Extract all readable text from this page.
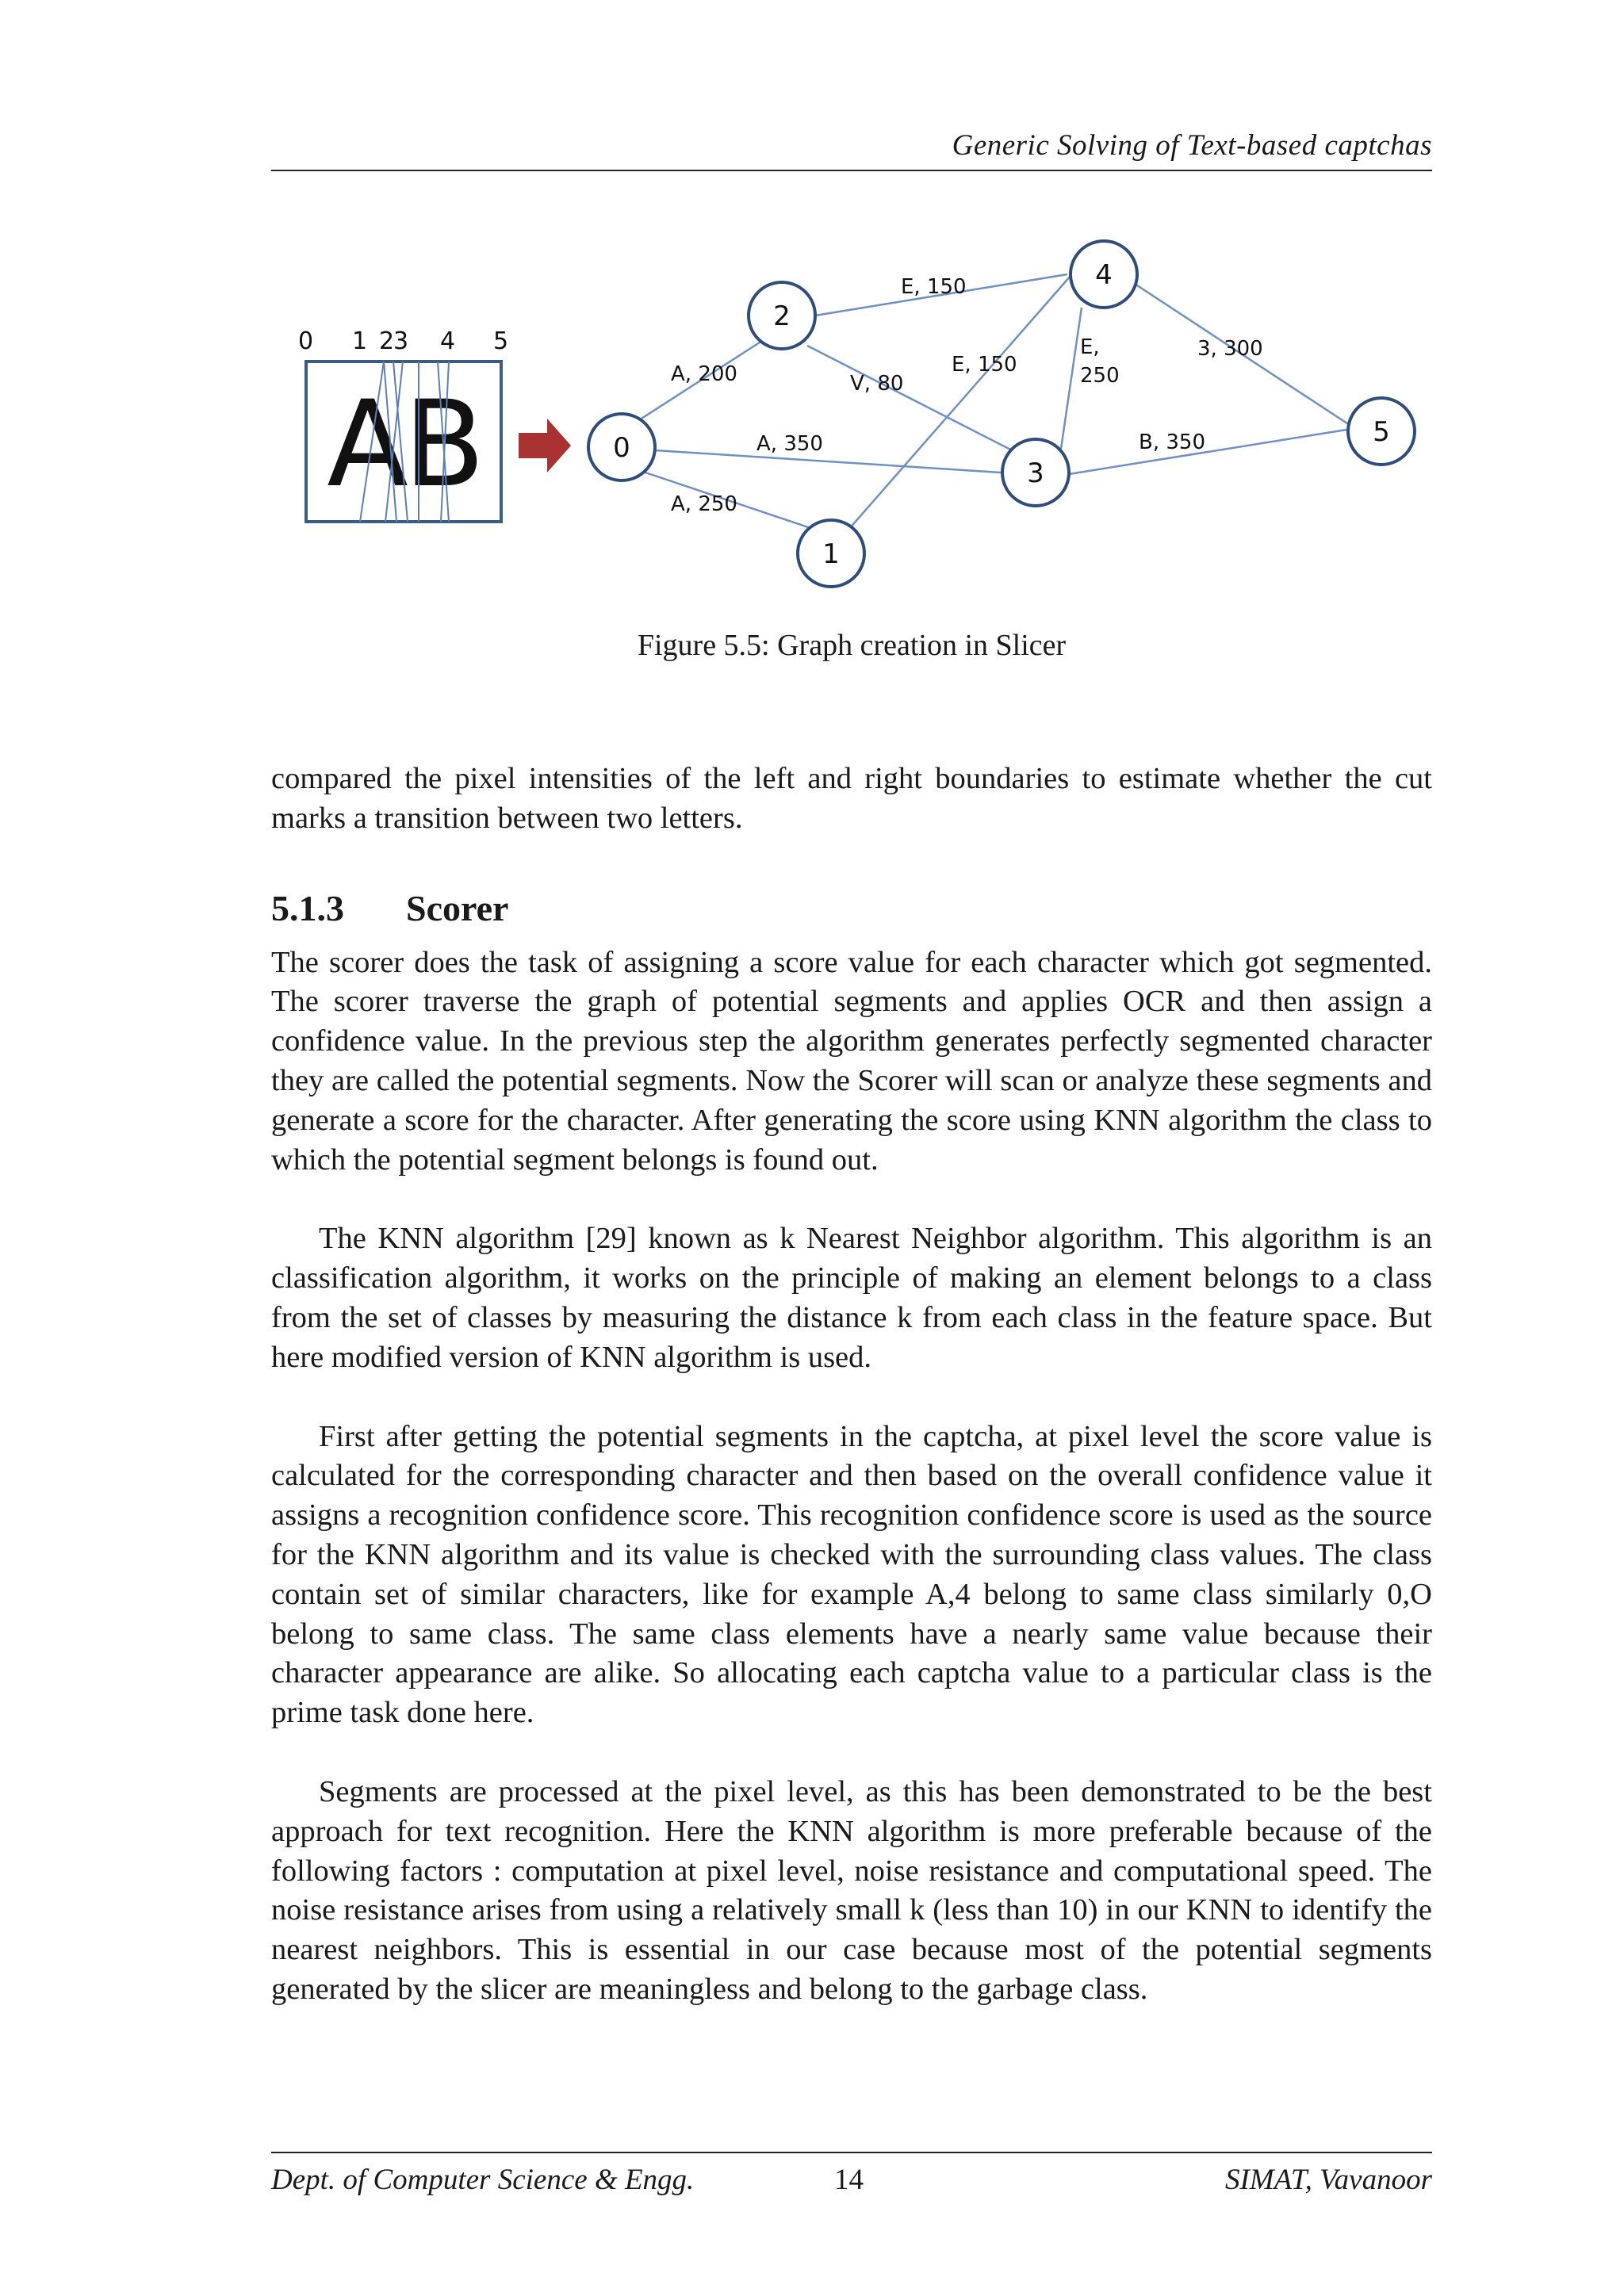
Generic Solving of Text-based captchas
AB
0 1 2
3 4 5
A, 200
A, 250
A, 350
E, 150
V, 80
E, 150
E,
250
3, 300
B, 350
0
1
2
3
4
5
Figure 5.5: Graph creation in Slicer

compared the pixel intensities of the left and right boundaries to estimate whether the cut marks a transition between two letters.

5.1.3 Scorer

The scorer does the task of assigning a score value for each character which got segmented. The scorer traverse the graph of potential segments and applies OCR and then assign a confidence value. In the previous step the algorithm generates perfectly segmented character they are called the potential segments. Now the Scorer will scan or analyze these segments and generate a score for the character. After generating the score using KNN algorithm the class to which the potential segment belongs is found out.

The KNN algorithm [29] known as k Nearest Neighbor algorithm. This algorithm is an classification algorithm, it works on the principle of making an element belongs to a class from the set of classes by measuring the distance k from each class in the feature space. But here modified version of KNN algorithm is used.

First after getting the potential segments in the captcha, at pixel level the score value is calculated for the corresponding character and then based on the overall confidence value it assigns a recognition confidence score. This recognition confidence score is used as the source for the KNN algorithm and its value is checked with the surrounding class values. The class contain set of similar characters, like for example A,4 belong to same class similarly 0,O belong to same class. The same class elements have a nearly same value because their character appearance are alike. So allocating each captcha value to a particular class is the prime task done here.

Segments are processed at the pixel level, as this has been demonstrated to be the best approach for text recognition. Here the KNN algorithm is more preferable because of the following factors : computation at pixel level, noise resistance and computational speed. The noise resistance arises from using a relatively small k (less than 10) in our KNN to identify the nearest neighbors. This is essential in our case because most of the potential segments generated by the slicer are meaningless and belong to the garbage class.

Dept. of Computer Science & Engg.	14	SIMAT, Vavanoor
